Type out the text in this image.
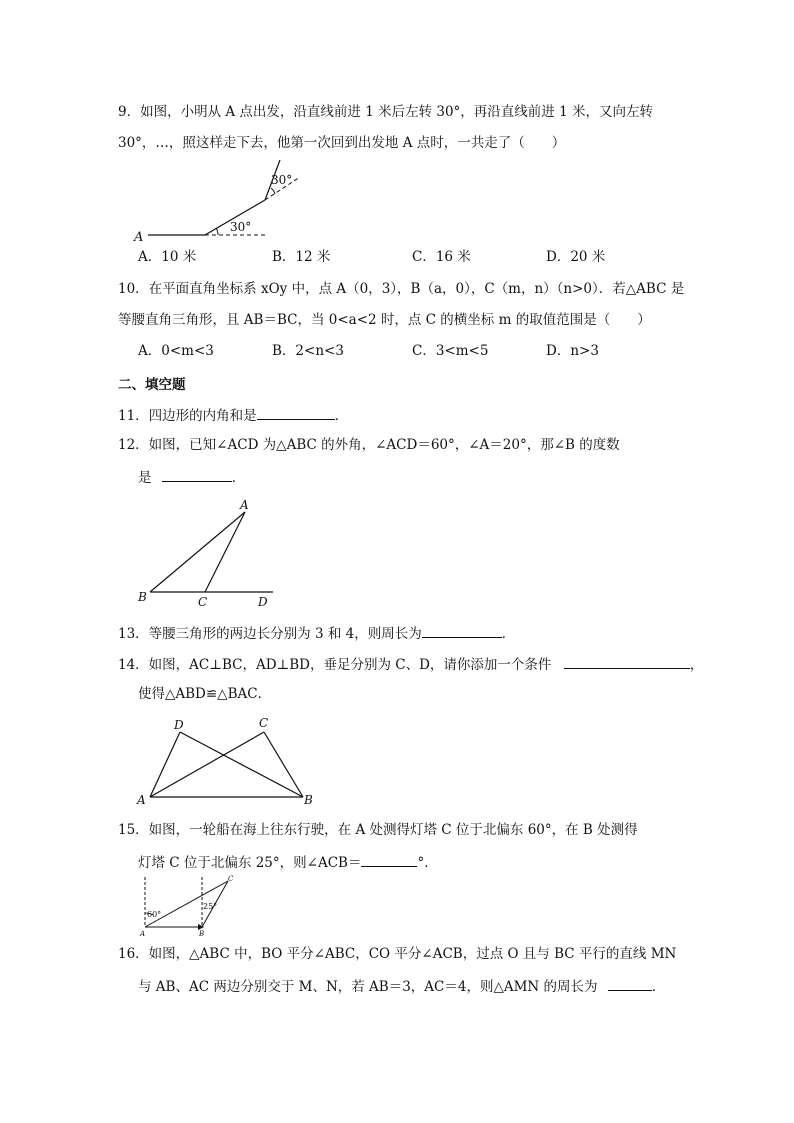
9．如图，小明从 A 点出发，沿直线前进 1 米后左转 30°，再沿直线前进 1 米，又向左转
30°，…，照这样走下去，他第一次回到出发地 A 点时，一共走了（　　）
A
30°
30°
A．10 米	B．12 米	C．16 米	D．20 米
10．在平面直角坐标系 xOy 中，点 A（0，3），B（a，0），C（m，n）（n>0）．若△ABC 是
等腰直角三角形，且 AB＝BC，当 0<a<2 时，点 C 的横坐标 m 的取值范围是（　　）
A．0<m<3	B．2<n<3	C．3<m<5	D．n>3
二、填空题
11．四边形的内角和是	．
12．如图，已知∠ACD 为△ABC 的外角，∠ACD＝60°，∠A＝20°，那∠B 的度数
是	．
A
B	C	D
13．等腰三角形的两边长分别为 3 和 4，则周长为	．
14．如图，AC⊥BC，AD⊥BD，垂足分别为 C、D，请你添加一个条件	，
使得△ABD≌△BAC．
A	B
C
D
15．如图，一轮船在海上往东行驶，在 A 处测得灯塔 C 位于北偏东 60°，在 B 处测得
灯塔 C 位于北偏东 25°，则∠ACB＝	°．
60°
25°
A	B
C
16．如图，△ABC 中，BO 平分∠ABC，CO 平分∠ACB，过点 O 且与 BC 平行的直线 MN
与 AB、AC 两边分别交于 M、N，若 AB＝3，AC＝4，则△AMN 的周长为	．
